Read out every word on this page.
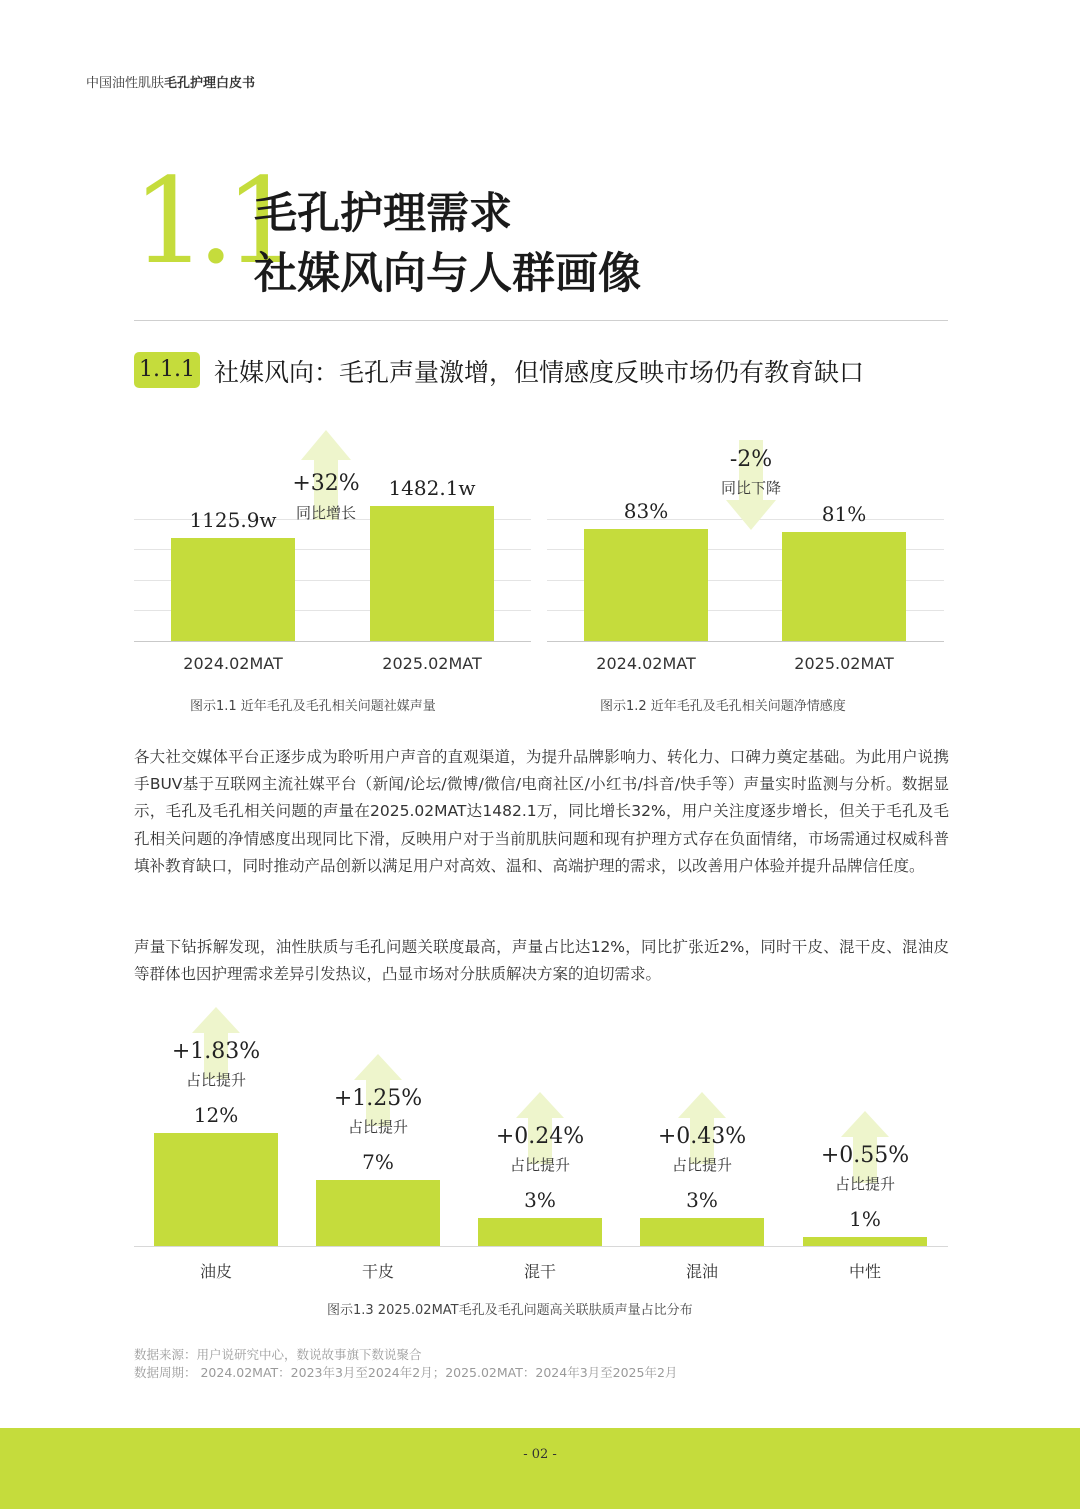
中国油性肌肤毛孔护理白皮书
1.1
毛孔护理需求
社媒风向与人群画像
1.1.1 社媒风向：毛孔声量激增，但情感度反映市场仍有教育缺口
1125.9w
1482.1w
2024.02MAT	2025.02MAT
+32%
同比增长
图示1.1 近年毛孔及毛孔相关问题社媒声量
83%	81%
2024.02MAT	2025.02MAT
-2%
同比下降
图示1.2 近年毛孔及毛孔相关问题净情感度
各大社交媒体平台正逐步成为聆听用户声音的直观渠道，为提升品牌影响力、转化力、口碑力奠定基础。为此用户说携手BUV基于互联网主流社媒平台（新闻/论坛/微博/微信/电商社区/小红书/抖音/快手等）声量实时监测与分析。数据显示，毛孔及毛孔相关问题的声量在2025.02MAT达1482.1万，同比增长32%，用户关注度逐步增长，但关于毛孔及毛孔相关问题的净情感度出现同比下滑，反映用户对于当前肌肤问题和现有护理方式存在负面情绪，市场需通过权威科普填补教育缺口，同时推动产品创新以满足用户对高效、温和、高端护理的需求，以改善用户体验并提升品牌信任度。
声量下钻拆解发现，油性肤质与毛孔问题关联度最高，声量占比达12%，同比扩张近2%，同时干皮、混干皮、混油皮等群体也因护理需求差异引发热议，凸显市场对分肤质解决方案的迫切需求。
12%
油皮
+1.83%
占比提升
7%
干皮
+1.25%
占比提升
3%
混干
+0.24%
占比提升
3%
混油
+0.43%
占比提升
1%
中性
+0.55%
占比提升
图示1.3 2025.02MAT毛孔及毛孔问题高关联肤质声量占比分布
数据来源：用户说研究中心，数说故事旗下数说聚合
数据周期： 2024.02MAT：2023年3月至2024年2月；2025.02MAT：2024年3月至2025年2月
- 02 -
